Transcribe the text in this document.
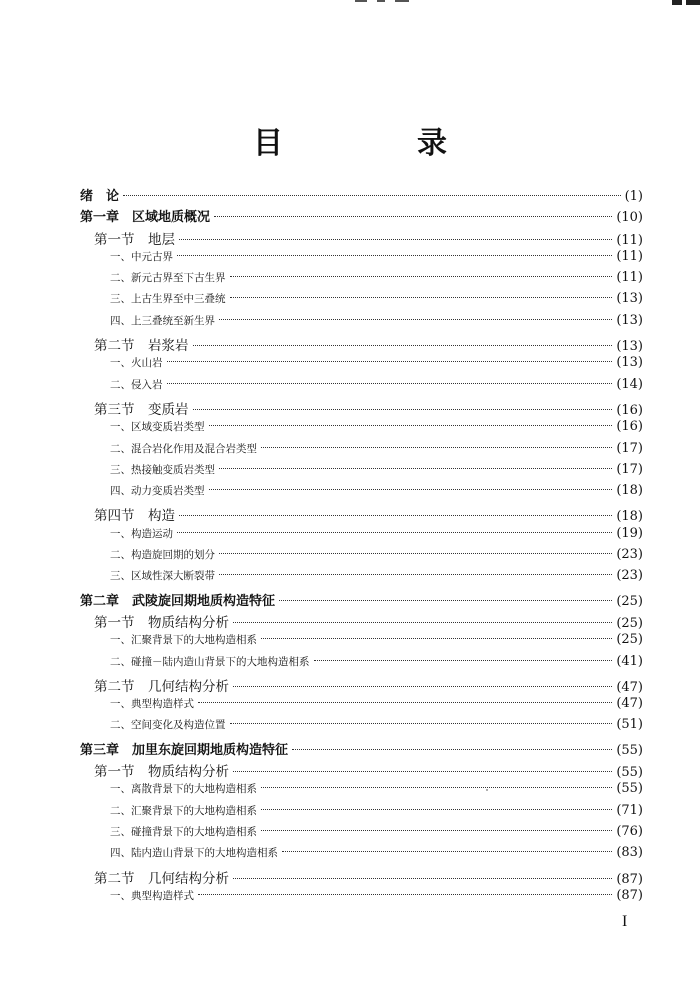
目　录
绪　论	(1)
第一章　区域地质概况	(10)
第一节　地层	(11)
一、中元古界	(11)
二、新元古界至下古生界	(11)
三、上古生界至中三叠统	(13)
四、上三叠统至新生界	(13)
第二节　岩浆岩	(13)
一、火山岩	(13)
二、侵入岩	(14)
第三节　变质岩	(16)
一、区域变质岩类型	(16)
二、混合岩化作用及混合岩类型	(17)
三、热接触变质岩类型	(17)
四、动力变质岩类型	(18)
第四节　构造	(18)
一、构造运动	(19)
二、构造旋回期的划分	(23)
三、区域性深大断裂带	(23)
第二章　武陵旋回期地质构造特征	(25)
第一节　物质结构分析	(25)
一、汇聚背景下的大地构造相系	(25)
二、碰撞－陆内造山背景下的大地构造相系	(41)
第二节　几何结构分析	(47)
一、典型构造样式	(47)
二、空间变化及构造位置	(51)
第三章　加里东旋回期地质构造特征	(55)
第一节　物质结构分析	(55)
一、离散背景下的大地构造相系	(55)
二、汇聚背景下的大地构造相系	(71)
三、碰撞背景下的大地构造相系	(76)
四、陆内造山背景下的大地构造相系	(83)
第二节　几何结构分析	(87)
一、典型构造样式	(87)
I
